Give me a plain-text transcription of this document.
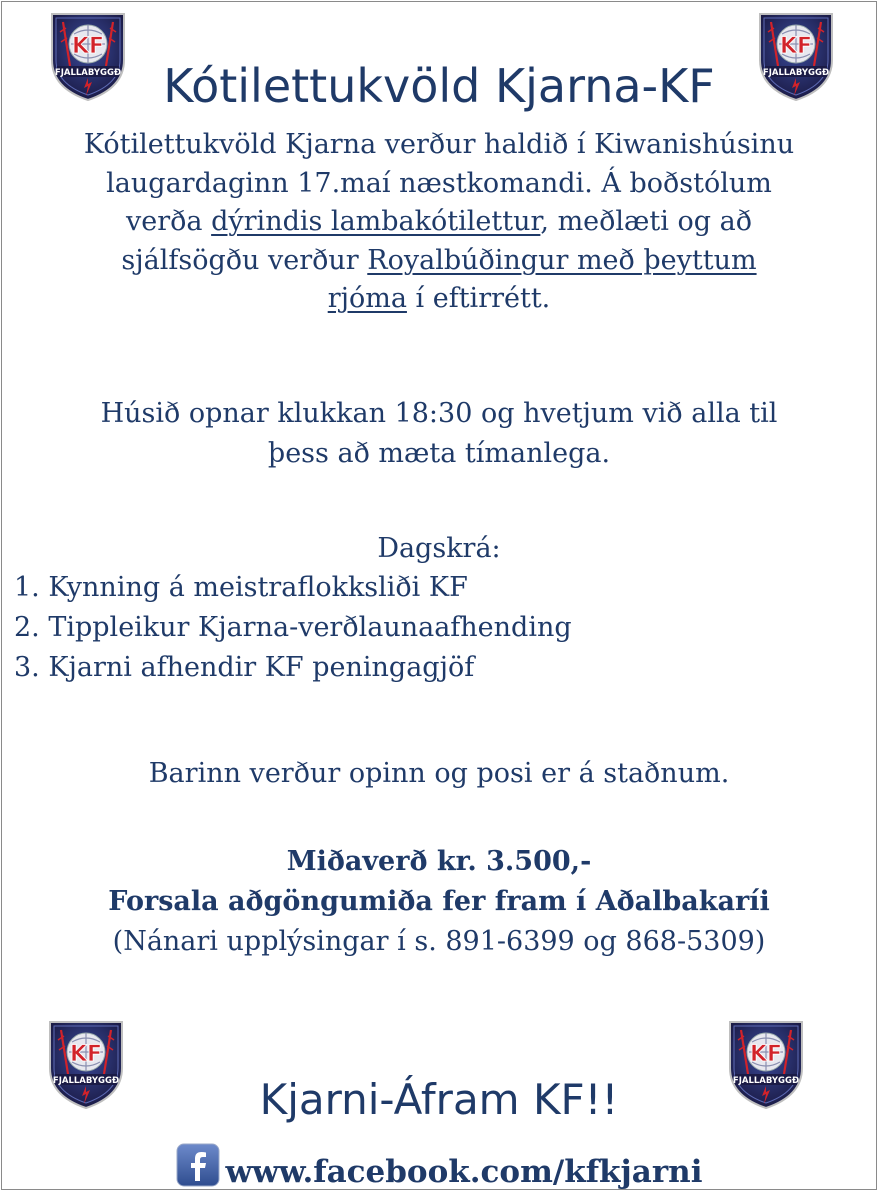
Kótilettukvöld Kjarna-KF
Kótilettukvöld Kjarna verður haldið í Kiwanishúsinu
laugardaginn 17.maí næstkomandi. Á boðstólum
verða dýrindis lambakótilettur, meðlæti og að
sjálfsögðu verður Royalbúðingur með þeyttum
rjóma í eftirrétt.
Húsið opnar klukkan 18:30 og hvetjum við alla til
þess að mæta tímanlega.
Dagskrá:
1. Kynning á meistraflokksliði KF
2. Tippleikur Kjarna-verðlaunaafhending
3. Kjarni afhendir KF peningagjöf
Barinn verður opinn og posi er á staðnum.
Miðaverð kr. 3.500,-
Forsala aðgöngumiða fer fram í Aðalbakaríi
(Nánari upplýsingar í s. 891-6399 og 868-5309)
Kjarni-Áfram KF!!
www.facebook.com/kfkjarni
